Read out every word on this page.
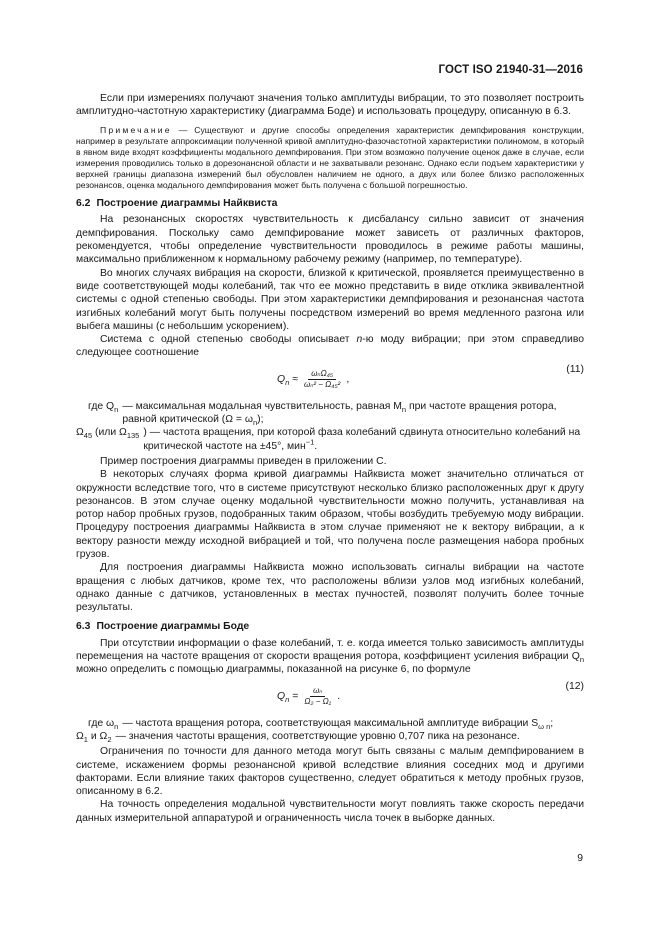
ГОСТ ISO 21940-31—2016

Если при измерениях получают значения только амплитуды вибрации, то это позволяет построить амплитудно-частотную характеристику (диаграмма Боде) и использовать процедуру, описанную в 6.3.

Примечание — Существуют и другие способы определения характеристик демпфирования конструкции, например в результате аппроксимации полученной кривой амплитудно-фазочастотной характеристики полиномом, в который в явном виде входят коэффициенты модального демпфирования. При этом возможно получение оценок даже в случае, если измерения проводились только в дорезонансной области и не захватывали резонанс. Однако если подъем характеристики у верхней границы диапазона измерений был обусловлен наличием не одного, а двух или более близко расположенных резонансов, оценка модального демпфирования может быть получена с большой погрешностью.

6.2 Построение диаграммы Найквиста

На резонансных скоростях чувствительность к дисбалансу сильно зависит от значения демпфирования. Поскольку само демпфирование может зависеть от различных факторов, рекомендуется, чтобы определение чувствительности проводилось в режиме работы машины, максимально приближенном к нормальному рабочему режиму (например, по температуре).

Во многих случаях вибрация на скорости, близкой к критической, проявляется преимущественно в виде соответствующей моды колебаний, так что ее можно представить в виде отклика эквивалентной системы с одной степенью свободы. При этом характеристики демпфирования и резонансная частота изгибных колебаний могут быть получены посредством измерений во время медленного разгона или выбега машины (с небольшим ускорением).

Система с одной степенью свободы описывает n-ю моду вибрации; при этом справедливо следующее соотношение

$Q_n \approx \frac{\text{ωₙΩ₄₅}}{\text{ωₙ² − Ω₄₅²}}$ ,
(11)
где $Q_n$ — максимальная модальная чувствительность, равная $M_n$ при частоте вращения ротора, равной критической $(\Omega = \omega_n)$;
$\Omega_{45}$ (или $\Omega_{135}$ ) — частота вращения, при которой фаза колебаний сдвинута относительно колебаний на критической частоте на ±45°, мин$^{-1}$.

Пример построения диаграммы приведен в приложении С.

В некоторых случаях форма кривой диаграммы Найквиста может значительно отличаться от окружности вследствие того, что в системе присутствуют несколько близко расположенных друг к другу резонансов. В этом случае оценку модальной чувствительности можно получить, устанавливая на ротор набор пробных грузов, подобранных таким образом, чтобы возбудить требуемую моду вибрации. Процедуру построения диаграммы Найквиста в этом случае применяют не к вектору вибрации, а к вектору разности между исходной вибрацией и той, что получена после размещения набора пробных грузов.

Для построения диаграммы Найквиста можно использовать сигналы вибрации на частоте вращения с любых датчиков, кроме тех, что расположены вблизи узлов мод изгибных колебаний, однако данные с датчиков, установленных в местах пучностей, позволят получить более точные результаты.

6.3 Построение диаграммы Боде

При отсутствии информации о фазе колебаний, т. е. когда имеется только зависимость амплитуды перемещения на частоте вращения от скорости вращения ротора, коэффициент усиления вибрации $Q_n$ можно определить с помощью диаграммы, показанной на рисунке 6, по формуле

$Q_n = \frac{\text{ωₙ}}{\text{Ω₂ − Ω₁}}$ .
(12)
где $\omega_n$ — частота вращения ротора, соответствующая максимальной амплитуде вибрации $S_{\omega n}$;
$\Omega_1$ и $\Omega_2$ — значения частоты вращения, соответствующие уровню 0,707 пика на резонансе.

Ограничения по точности для данного метода могут быть связаны с малым демпфированием в системе, искажением формы резонансной кривой вследствие влияния соседних мод и другими факторами. Если влияние таких факторов существенно, следует обратиться к методу пробных грузов, описанному в 6.2.

На точность определения модальной чувствительности могут повлиять также скорость передачи данных измерительной аппаратурой и ограниченность числа точек в выборке данных.

9
